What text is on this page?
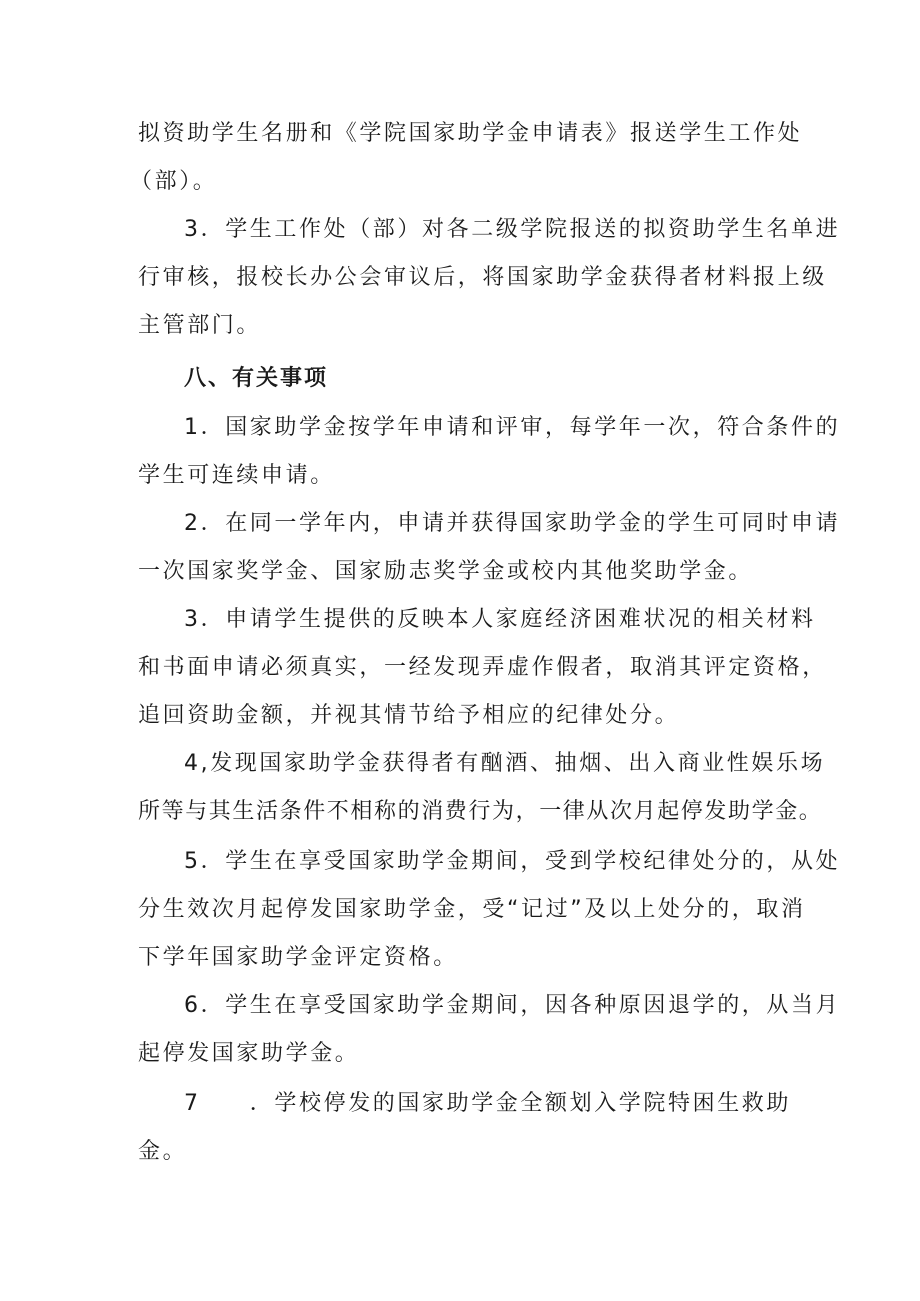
拟资助学生名册和《学院国家助学金申请表》报送学生工作处
（部）。
3．学生工作处（部）对各二级学院报送的拟资助学生名单进
行审核，报校长办公会审议后，将国家助学金获得者材料报上级
主管部门。
八、有关事项
1．国家助学金按学年申请和评审，每学年一次，符合条件的
学生可连续申请。
2．在同一学年内，申请并获得国家助学金的学生可同时申请
一次国家奖学金、国家励志奖学金或校内其他奖助学金。
3．申请学生提供的反映本人家庭经济困难状况的相关材料
和书面申请必须真实，一经发现弄虚作假者，取消其评定资格，
追回资助金额，并视其情节给予相应的纪律处分。
4,发现国家助学金获得者有酗酒、抽烟、出入商业性娱乐场
所等与其生活条件不相称的消费行为，一律从次月起停发助学金。
5．学生在享受国家助学金期间，受到学校纪律处分的，从处
分生效次月起停发国家助学金，受“记过”及以上处分的，取消
下学年国家助学金评定资格。
6．学生在享受国家助学金期间，因各种原因退学的，从当月
起停发国家助学金。
7　　．学校停发的国家助学金全额划入学院特困生救助
金。
